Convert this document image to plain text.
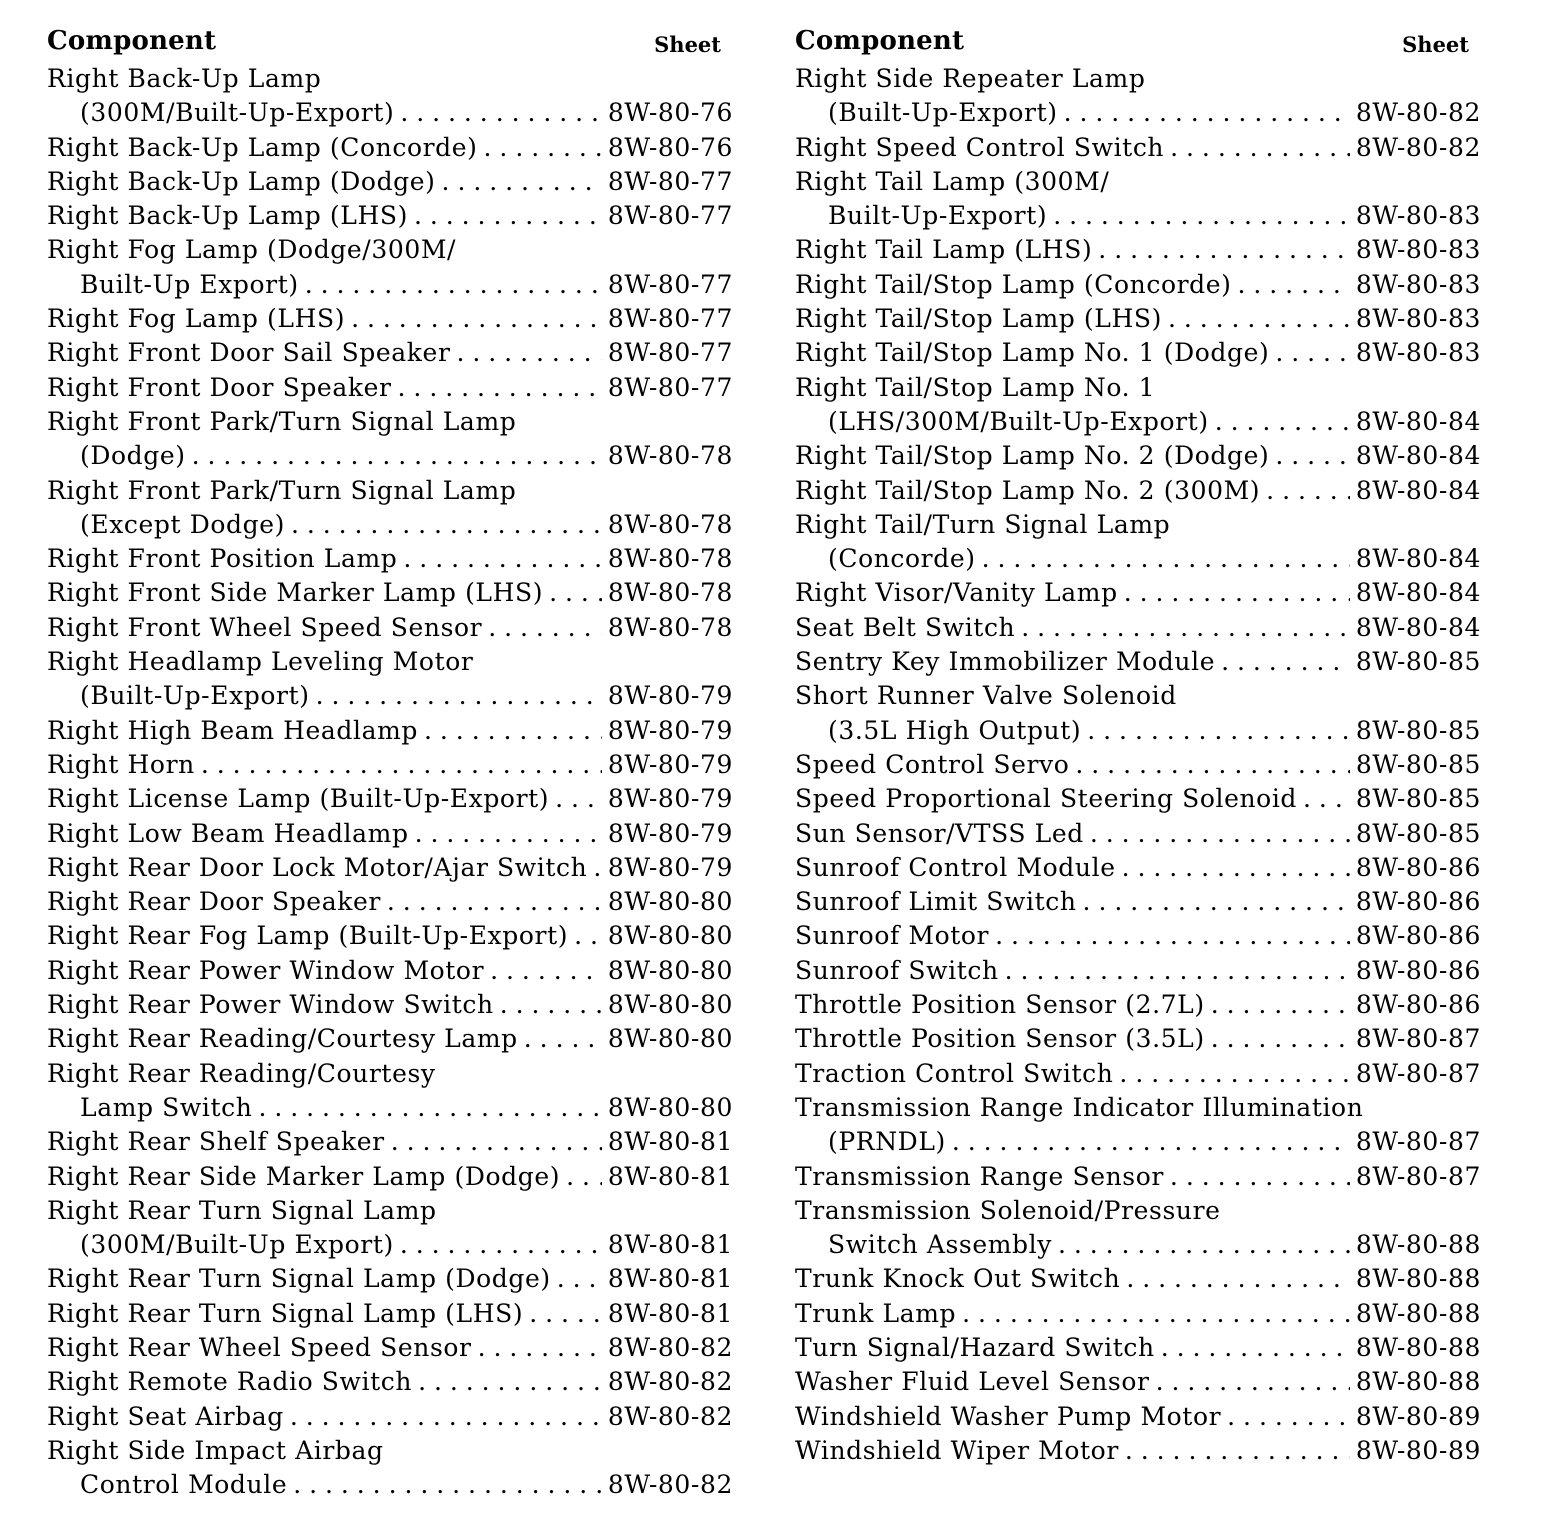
Component	Sheet
Right Back-Up Lamp
(300M/Built-Up-Export) . . .	8W-80-76
Right Back-Up Lamp (Concorde) . . .	8W-80-76
Right Back-Up Lamp (Dodge) . . .	8W-80-77
Right Back-Up Lamp (LHS) . . .	8W-80-77
Right Fog Lamp (Dodge/300M/
Built-Up Export) . . .	8W-80-77
Right Fog Lamp (LHS) . . .	8W-80-77
Right Front Door Sail Speaker . . .	8W-80-77
Right Front Door Speaker . . .	8W-80-77
Right Front Park/Turn Signal Lamp
(Dodge) . . .	8W-80-78
Right Front Park/Turn Signal Lamp
(Except Dodge) . . .	8W-80-78
Right Front Position Lamp . . .	8W-80-78
Right Front Side Marker Lamp (LHS) . . .	8W-80-78
Right Front Wheel Speed Sensor . . .	8W-80-78
Right Headlamp Leveling Motor
(Built-Up-Export) . . .	8W-80-79
Right High Beam Headlamp . . .	8W-80-79
Right Horn . . .	8W-80-79
Right License Lamp (Built-Up-Export) . . . 8W-80-79
Right Low Beam Headlamp . . .	8W-80-79
Right Rear Door Lock Motor/Ajar Switch . . . 8W-80-79
Right Rear Door Speaker . . .	8W-80-80
Right Rear Fog Lamp (Built-Up-Export) . . . 8W-80-80
Right Rear Power Window Motor . . .	8W-80-80
Right Rear Power Window Switch . . .	8W-80-80
Right Rear Reading/Courtesy Lamp . . .	8W-80-80
Right Rear Reading/Courtesy
Lamp Switch . . .	8W-80-80
Right Rear Shelf Speaker . . .	8W-80-81
Right Rear Side Marker Lamp (Dodge) . . . 8W-80-81
Right Rear Turn Signal Lamp
(300M/Built-Up Export) . . .	8W-80-81
Right Rear Turn Signal Lamp (Dodge) . . . 8W-80-81
Right Rear Turn Signal Lamp (LHS) . . .	8W-80-81
Right Rear Wheel Speed Sensor . . .	8W-80-82
Right Remote Radio Switch . . .	8W-80-82
Right Seat Airbag . . .	8W-80-82
Right Side Impact Airbag
Control Module . . .	8W-80-82
Component	Sheet
Right Side Repeater Lamp
(Built-Up-Export) . . .	8W-80-82
Right Speed Control Switch . . .	8W-80-82
Right Tail Lamp (300M/
Built-Up-Export) . . .	8W-80-83
Right Tail Lamp (LHS) . . .	8W-80-83
Right Tail/Stop Lamp (Concorde) . . .	8W-80-83
Right Tail/Stop Lamp (LHS) . . .	8W-80-83
Right Tail/Stop Lamp No. 1 (Dodge) . . .	8W-80-83
Right Tail/Stop Lamp No. 1
(LHS/300M/Built-Up-Export) . . .	8W-80-84
Right Tail/Stop Lamp No. 2 (Dodge) . . .	8W-80-84
Right Tail/Stop Lamp No. 2 (300M) . . .	8W-80-84
Right Tail/Turn Signal Lamp
(Concorde) . . .	8W-80-84
Right Visor/Vanity Lamp . . .	8W-80-84
Seat Belt Switch . . .	8W-80-84
Sentry Key Immobilizer Module . . .	8W-80-85
Short Runner Valve Solenoid
(3.5L High Output) . . .	8W-80-85
Speed Control Servo . . .	8W-80-85
Speed Proportional Steering Solenoid . . . 8W-80-85
Sun Sensor/VTSS Led . . .	8W-80-85
Sunroof Control Module . . .	8W-80-86
Sunroof Limit Switch . . .	8W-80-86
Sunroof Motor . . .	8W-80-86
Sunroof Switch . . .	8W-80-86
Throttle Position Sensor (2.7L) . . .	8W-80-86
Throttle Position Sensor (3.5L) . . .	8W-80-87
Traction Control Switch . . .	8W-80-87
Transmission Range Indicator Illumination
(PRNDL) . . .	8W-80-87
Transmission Range Sensor . . .	8W-80-87
Transmission Solenoid/Pressure
Switch Assembly . . .	8W-80-88
Trunk Knock Out Switch . . .	8W-80-88
Trunk Lamp . . .	8W-80-88
Turn Signal/Hazard Switch . . .	8W-80-88
Washer Fluid Level Sensor . . .	8W-80-88
Windshield Washer Pump Motor . . .	8W-80-89
Windshield Wiper Motor . . .	8W-80-89
